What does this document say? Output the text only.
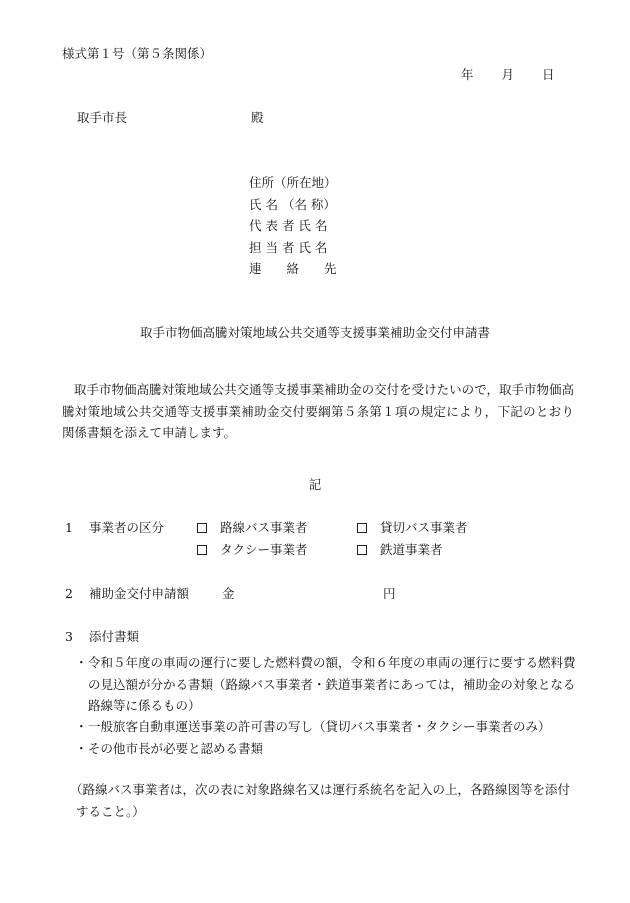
様式第１号（第５条関係）
年 月 日
取手市長	殿
住所（所在地）
氏 名 （名 称）
代 表 者 氏 名
担 当 者 氏 名
連　　絡　　先
取手市物価高騰対策地域公共交通等支援事業補助金交付申請書

取手市物価高騰対策地域公共交通等支援事業補助金の交付を受けたいので，取手市物価高騰対策地域公共交通等支援事業補助金交付要綱第５条第１項の規定により，下記のとおり関係書類を添えて申請します。

記
1 事業者の区分	路線バス事業者	貸切バス事業者
タクシー事業者	鉄道事業者
2 補助金交付申請額	金	円
3 添付書類
・ 令和５年度の車両の運行に要した燃料費の額，令和６年度の車両の運行に要する燃料費の見込額が分かる書類（路線バス事業者・鉄道事業者にあっては，補助金の対象となる路線等に係るもの）
・ 一般旅客自動車運送事業の許可書の写し（貸切バス事業者・タクシー事業者のみ）
・ その他市長が必要と認める書類
（路線バス事業者は，次の表に対象路線名又は運行系統名を記入の上，各路線図等を添付すること。）
